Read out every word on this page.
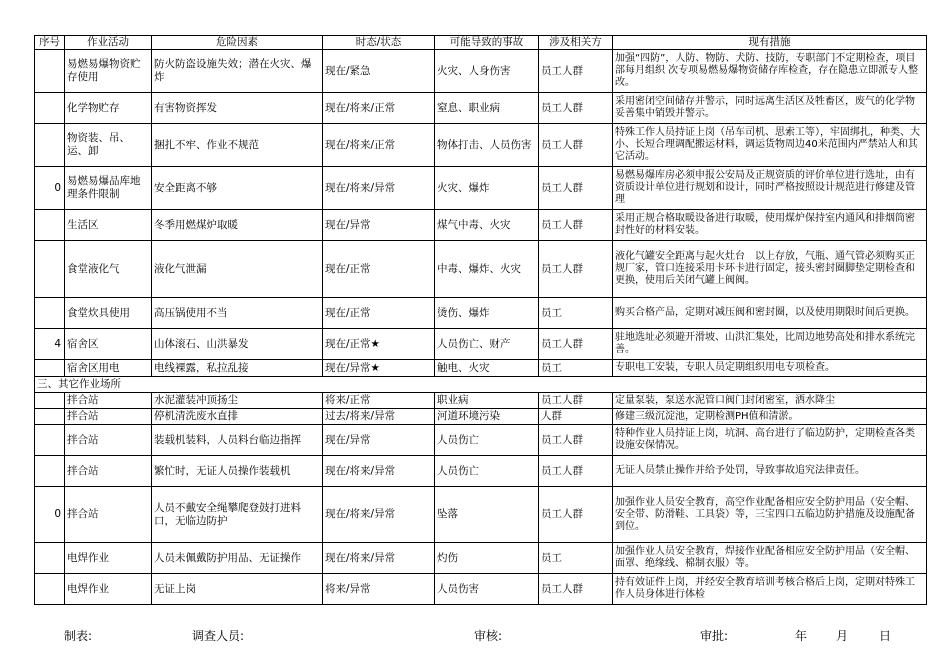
序号	作业活动	危险因素	时态/状态	可能导致的事故	涉及相关方	现有措施
	易燃易爆物资贮存使用	防火防盗设施失效；潜在火灾、爆炸	现在/紧急	火灾、人身伤害	员工人群	加强“四防”，人防、物防、犬防、技防，专职部门不定期检查，项目部每月组织 次专项易燃易爆物资储存库检查，存在隐患立即派专人整改。
	化学物贮存	有害物资挥发	现在/将来/正常	窒息、职业病	员工人群	采用密闭空间储存并警示，同时远离生活区及牲畜区，废气的化学物妥善集中销毁并警示。
	物资装、吊、运、卸	捆扎不牢、作业不规范	现在/将来/正常	物体打击、人员伤害	员工人群	特殊工作人员持证上岗（吊车司机、思索工等），牢固绑扎，种类、大小、长短合理调配搬运材料，调运货物周边40米范围内严禁站人和其它活动。
0	易燃易爆品库地理条件限制	安全距离不够	现在/将来/异常	火灾、爆炸	员工人群	易燃易爆库房必须申报公安局及正规资质的评价单位进行选址，由有资质设计单位进行规划和设计，同时严格按照设计规范进行修建及管理
	生活区	冬季用燃煤炉取暖	现在/异常	煤气中毒、火灾	员工人群	采用正规合格取暖设备进行取暖，使用煤炉保持室内通风和排烟筒密封性好的材料安装。
	食堂液化气	液化气泄漏	现在/正常	中毒、爆炸、火灾	员工人群	液化气罐安全距离与起火灶台　以上存放，气瓶、通气管必须购买正规厂家，管口连接采用卡环卡进行固定，接头密封圈脚垫定期检查和更换，使用后关闭气罐上阀阀。
	食堂炊具使用	高压锅使用不当	现在/正常	烫伤、爆炸	员工	购买合格产品，定期对减压阀和密封圈，以及使用期限时间后更换。
4	宿舍区	山体滚石、山洪暴发	现在/正常★	人员伤亡、财产	员工人群	驻地选址必须避开滑坡、山洪汇集处，比周边地势高处和排水系统完善。
	宿舍区用电	电线裸露，私拉乱接	现在/异常★	触电、火灾	员工	专职电工安装，专职人员定期组织用电专项检查。
三、其它作业场所						
	拌合站	水泥灌装冲顶扬尘	将来/正常	职业病	员工人群	定量泵装，泵送水泥管口阀门封闭密室，洒水降尘
	拌合站	停机清洗废水直排	过去/将来/异常	河道环境污染	人群	修建三级沉淀池，定期检测PH值和清淤。
	拌合站	装载机装料，人员料台临边指挥	现在/异常	人员伤亡	员工人群	特种作业人员持证上岗，坑洞、高台进行了临边防护，定期检查各类设施安保情况。
	拌合站	繁忙时，无证人员操作装载机	现在/将来/异常	人员伤亡	员工人群	无证人员禁止操作并给予处罚，导致事故追究法律责任。
0	拌合站	人员不戴安全绳攀爬登鼓打进料口，无临边防护	现在/将来/异常	坠落	员工人群	加强作业人员安全教育，高空作业配备相应安全防护用品（安全帽、安全带、防滑鞋、工具袋）等，三宝四口五临边防护措施及设施配备到位。
	电焊作业	人员未佩戴防护用品、无证操作	现在/将来/异常	灼伤	员工	加强作业人员安全教育，焊接作业配备相应安全防护用品（安全帽、面罩、绝缘线、棉制衣服）等。
	电焊作业	无证上岗	将来/异常	人员伤害	员工人群	持有效证件上岗，并经安全教育培训考核合格后上岗，定期对特殊工作人员身体进行体检
制表:	调查人员:	审核:	审批:	年 月	日
